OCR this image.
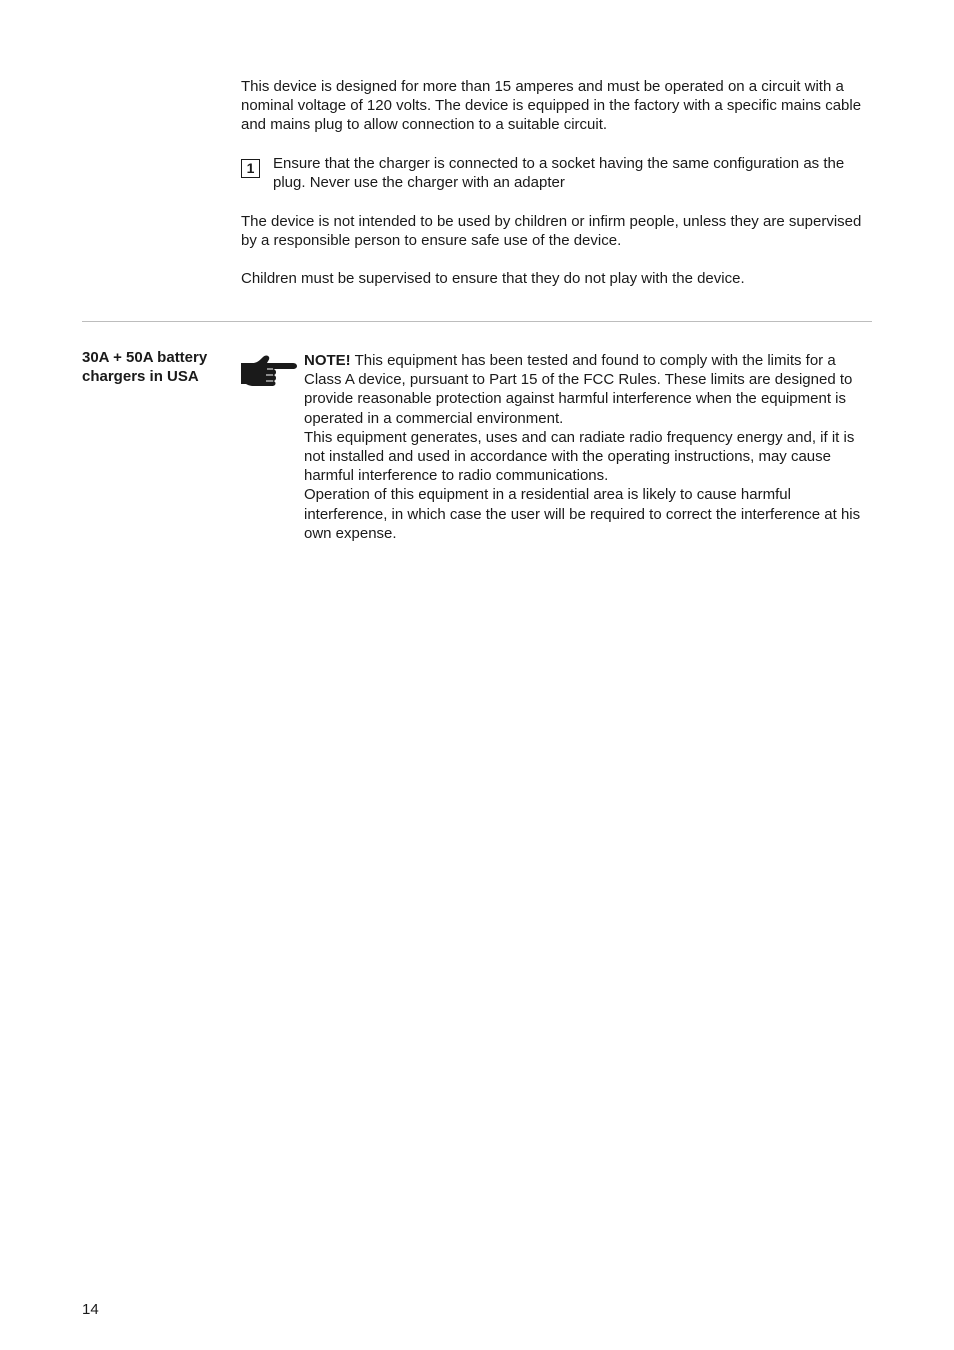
This device is designed for more than 15 amperes and must be operated on a circuit with a nominal voltage of 120 volts. The device is equipped in the factory with a specific mains cable and mains plug to allow connection to a suitable circuit.

1	Ensure that the charger is connected to a socket having the same configuration as the plug. Never use the charger with an adapter

The device is not intended to be used by children or infirm people, unless they are supervised by a responsible person to ensure safe use of the device.

Children must be supervised to ensure that they do not play with the device.

30A + 50A battery
chargers in USA

NOTE! This equipment has been tested and found to comply with the limits for a Class A device, pursuant to Part 15 of the FCC Rules. These limits are designed to provide reasonable protection against harmful interference when the equipment is operated in a commercial environment.

This equipment generates, uses and can radiate radio frequency energy and, if it is not installed and used in accordance with the operating instructions, may cause harmful interference to radio communications.

Operation of this equipment in a residential area is likely to cause harmful interference, in which case the user will be required to correct the interference at his own expense.

14
